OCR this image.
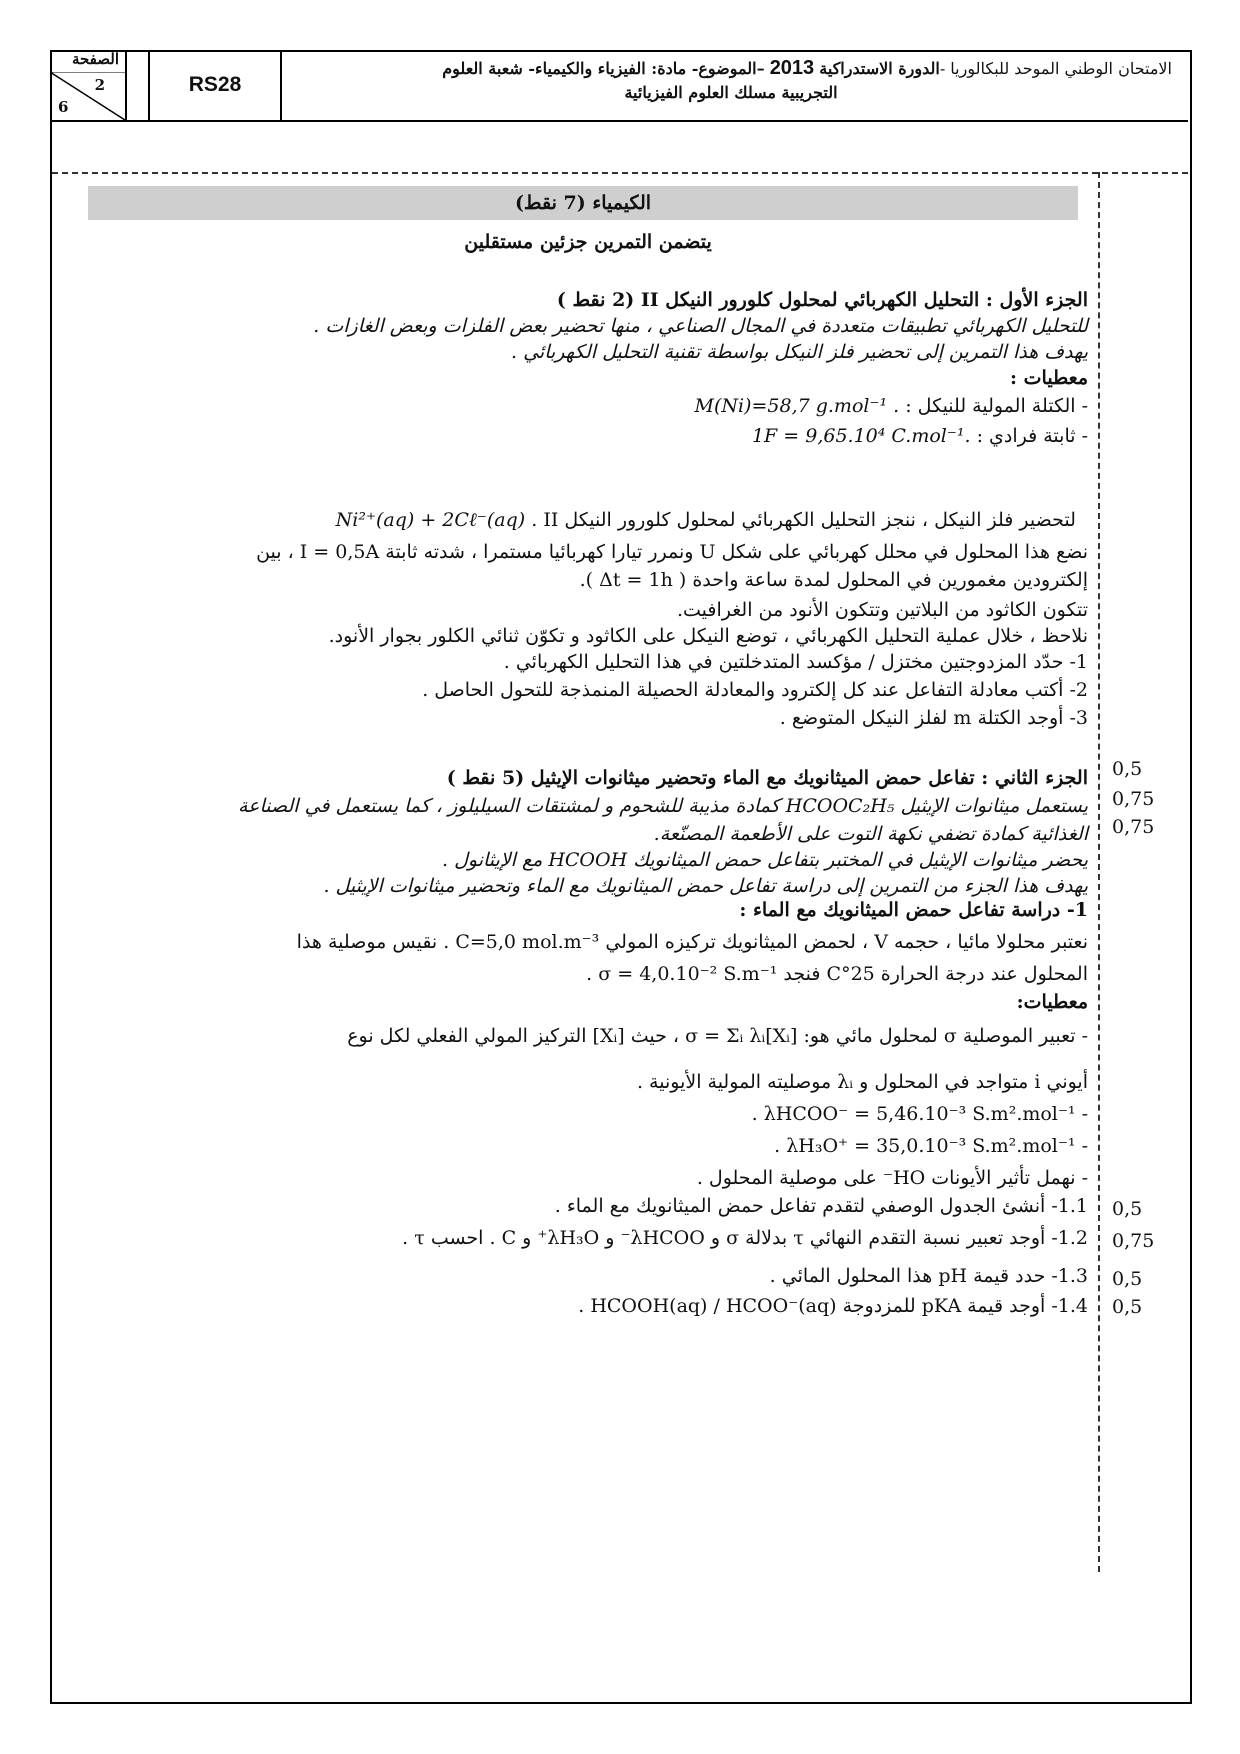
الصفحة
2
6
RS28
الامتحان الوطني الموحد للبكالوريا -الدورة الاستدراكية 2013 –الموضوع- مادة: الفيزياء والكيمياء- شعبة العلوم
التجريبية مسلك العلوم الفيزيائية
الكيمياء (7 نقط)
يتضمن التمرين جزئين مستقلين
الجزء الأول : التحليل الكهربائي لمحلول كلورور النيكل II (2 نقط )
للتحليل الكهربائي تطبيقات متعددة في المجال الصناعي ، منها تحضير بعض الفلزات وبعض الغازات .
يهدف هذا التمرين إلى تحضير فلز النيكل بواسطة تقنية التحليل الكهربائي .
معطيات :
- الكتلة المولية للنيكل : M(Ni)=58,7 g.mol⁻¹ .
- ثابتة فرادي : 1F = 9,65.10⁴ C.mol⁻¹.
لتحضير فلز النيكل ، ننجز التحليل الكهربائي لمحلول كلورور النيكل II Ni²⁺(aq) + 2Cℓ⁻(aq) .
نضع هذا المحلول في محلل كهربائي على شكل U ونمرر تيارا كهربائيا مستمرا ، شدته ثابتة I = 0,5A ، بين
إلكترودين مغمورين في المحلول لمدة ساعة واحدة ( Δt = 1h ).
تتكون الكاثود من البلاتين وتتكون الأنود من الغرافيت.
نلاحظ ، خلال عملية التحليل الكهربائي ، توضع النيكل على الكاثود و تكوّن ثنائي الكلور بجوار الأنود.
1- حدّد المزدوجتين مختزل / مؤكسد المتدخلتين في هذا التحليل الكهربائي .
2- أكتب معادلة التفاعل عند كل إلكترود والمعادلة الحصيلة المنمذجة للتحول الحاصل .
3- أوجد الكتلة m لفلز النيكل المتوضع .
الجزء الثاني : تفاعل حمض الميثانويك مع الماء وتحضير ميثانوات الإيثيل (5 نقط )
يستعمل ميثانوات الإيثيل HCOOC₂H₅ كمادة مذيبة للشحوم و لمشتقات السيليلوز ، كما يستعمل في الصناعة
الغذائية كمادة تضفي نكهة التوت على الأطعمة المصنّعة.
يحضر ميثانوات الإيثيل في المختبر بتفاعل حمض الميثانويك HCOOH مع الإيثانول .
يهدف هذا الجزء من التمرين إلى دراسة تفاعل حمض الميثانويك مع الماء وتحضير ميثانوات الإيثيل .
1- دراسة تفاعل حمض الميثانويك مع الماء :
نعتبر محلولا مائيا ، حجمه V ، لحمض الميثانويك تركيزه المولي C=5,0 mol.m⁻³ . نقيس موصلية هذا
المحلول عند درجة الحرارة 25°C فنجد σ = 4,0.10⁻² S.m⁻¹ .
معطيات:
- تعبير الموصلية σ لمحلول مائي هو: σ = Σᵢ λᵢ[Xᵢ] ، حيث [Xᵢ] التركيز المولي الفعلي لكل نوع
أيوني i متواجد في المحلول و λᵢ موصليته المولية الأيونية .
- λHCOO⁻ = 5,46.10⁻³ S.m².mol⁻¹ .
- λH₃O⁺ = 35,0.10⁻³ S.m².mol⁻¹ .
- نهمل تأثير الأيونات HO⁻ على موصلية المحلول .
1.1- أنشئ الجدول الوصفي لتقدم تفاعل حمض الميثانويك مع الماء .
1.2- أوجد تعبير نسبة التقدم النهائي τ بدلالة σ و λHCOO⁻ و λH₃O⁺ و C . احسب τ .
1.3- حدد قيمة pH هذا المحلول المائي .
1.4- أوجد قيمة pKA للمزدوجة HCOOH(aq) / HCOO⁻(aq) .
0,5
0,75
0,75
0,5
0,75
0,5
0,5
